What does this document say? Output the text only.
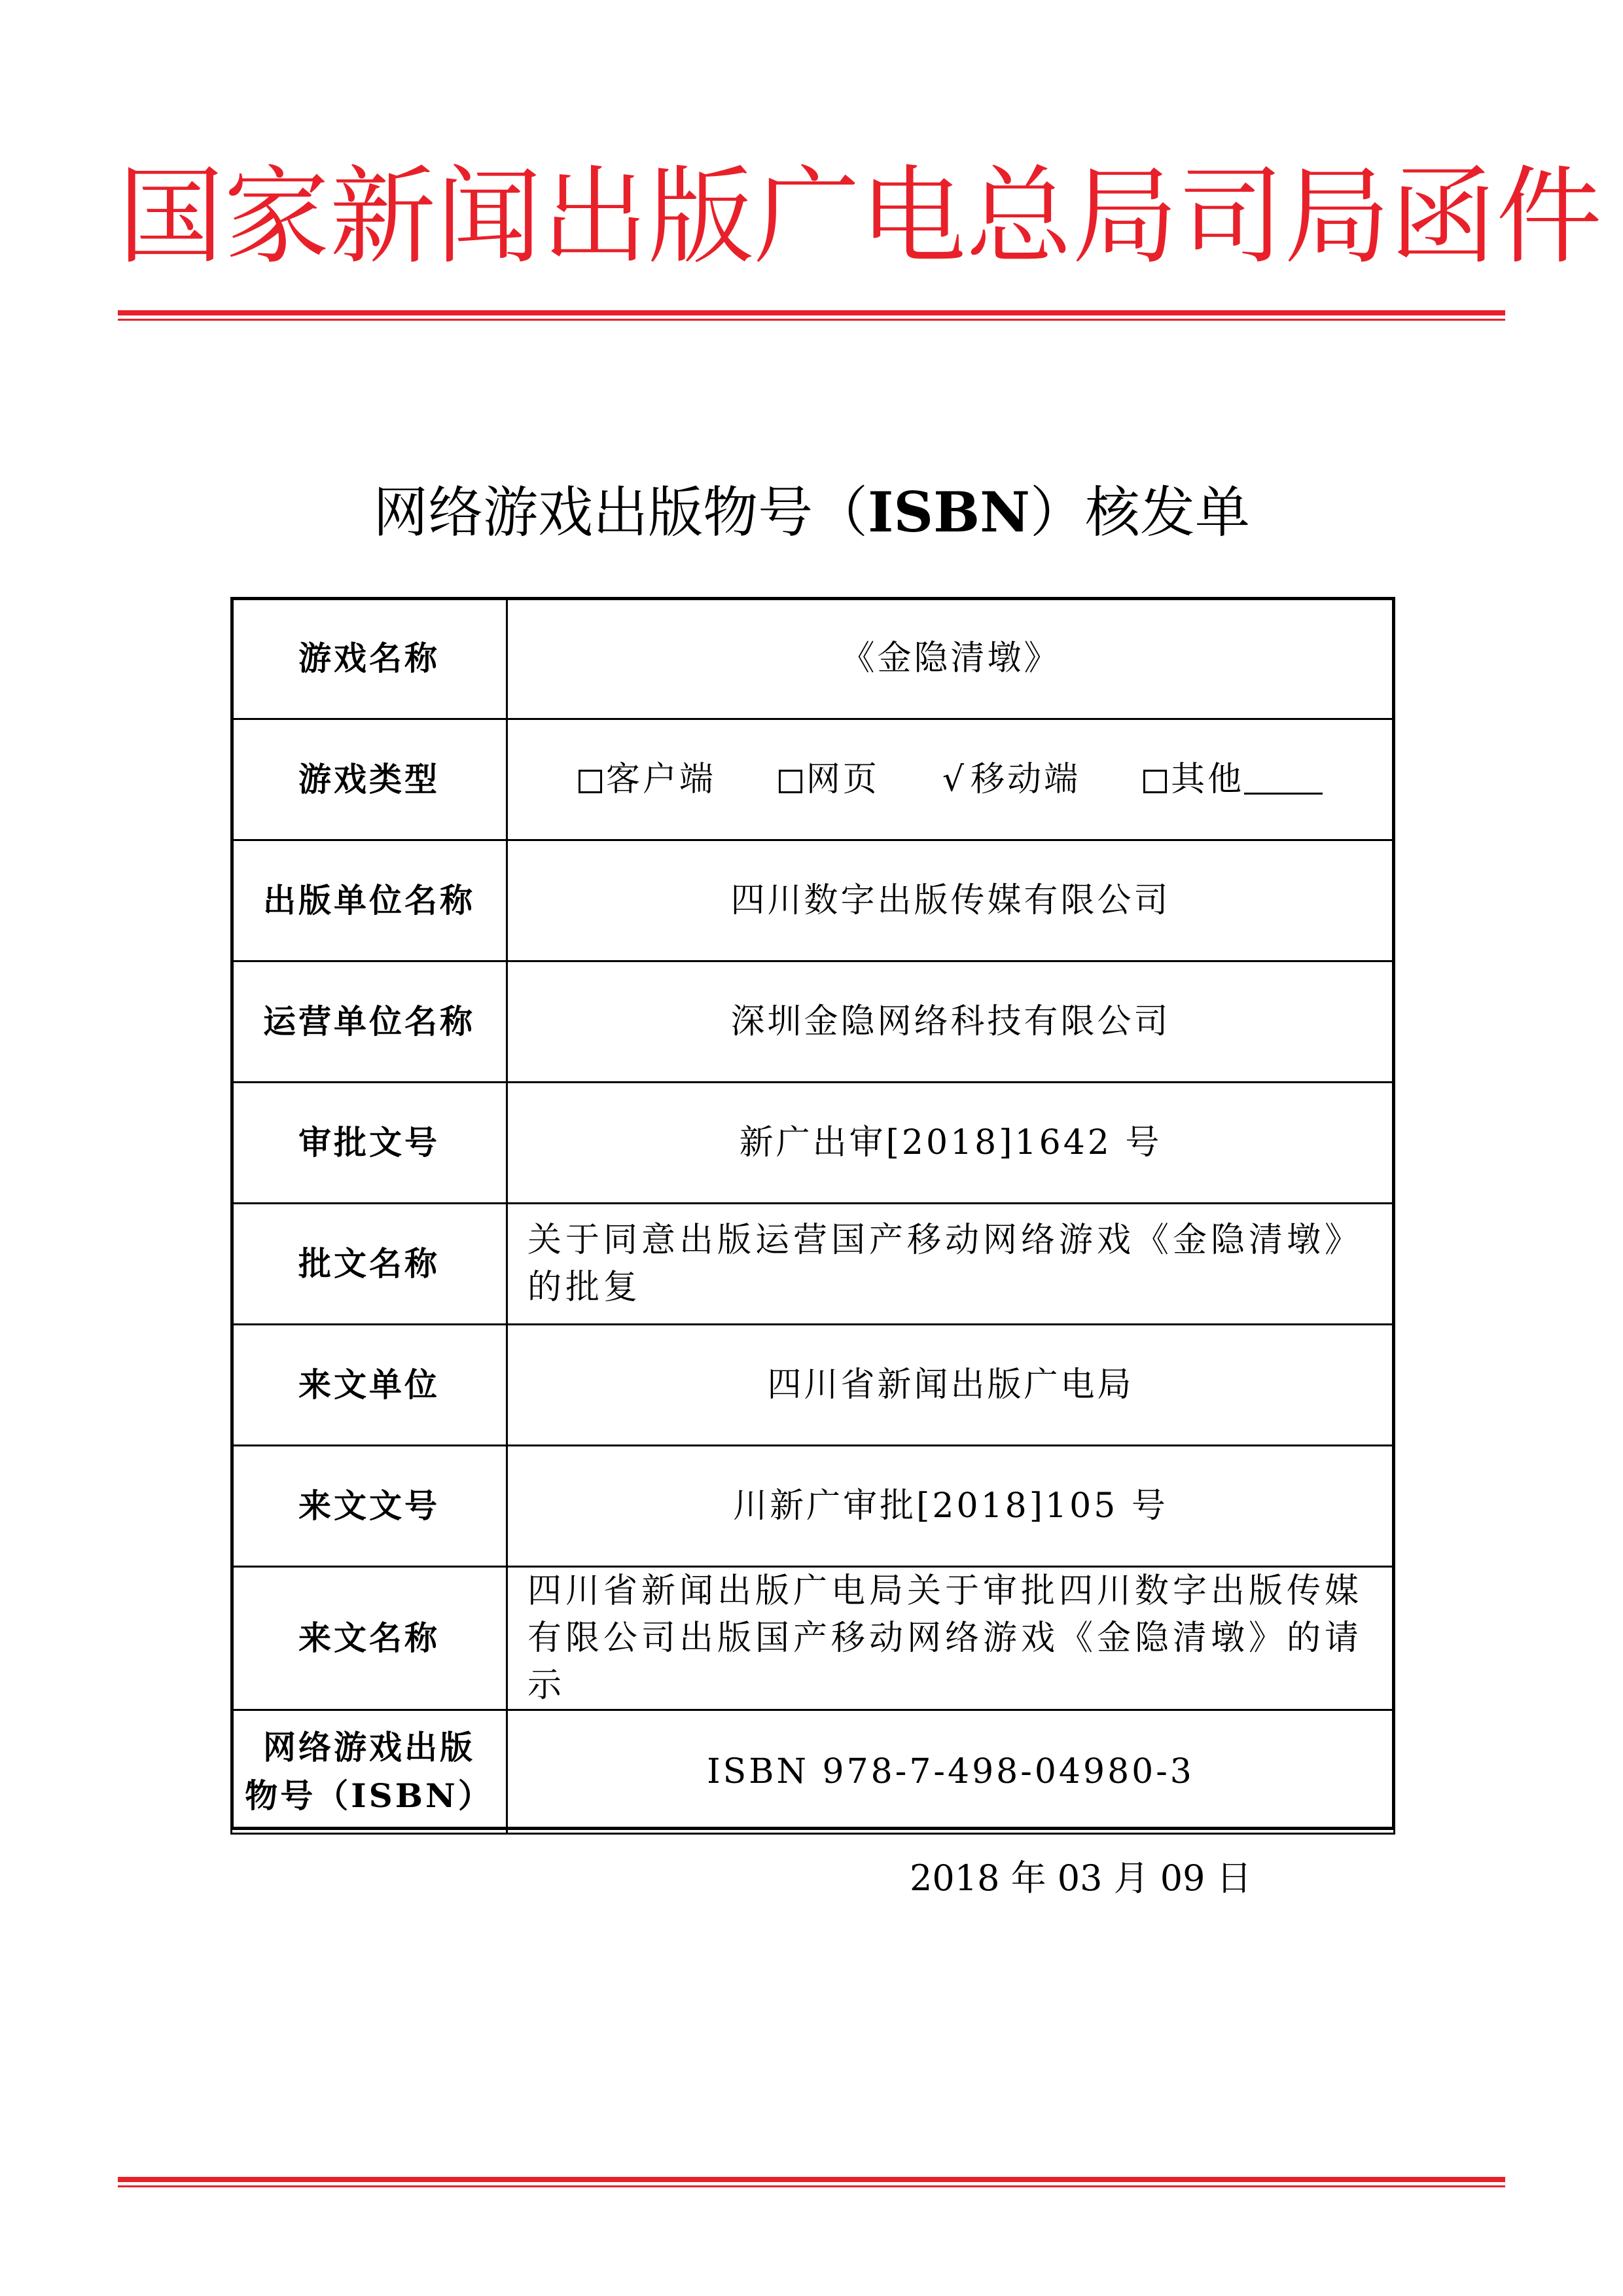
国家新闻出版广电总局司局函件
网络游戏出版物号（ISBN）核发单
游戏名称	《金隐清墩》
游戏类型	客户端 网页 √ 移动端 其他
出版单位名称	四川数字出版传媒有限公司
运营单位名称	深圳金隐网络科技有限公司
审批文号	新广出审[2018]1642 号
批文名称	关于同意出版运营国产移动网络游戏《金隐清墩》的批复
来文单位	四川省新闻出版广电局
来文文号	川新广审批[2018]105 号
来文名称	四川省新闻出版广电局关于审批四川数字出版传媒有限公司出版国产移动网络游戏《金隐清墩》的请示

网络游戏出版
物号（ISBN）	ISBN 978-7-498-04980-3
2018 年 03 月 09 日
